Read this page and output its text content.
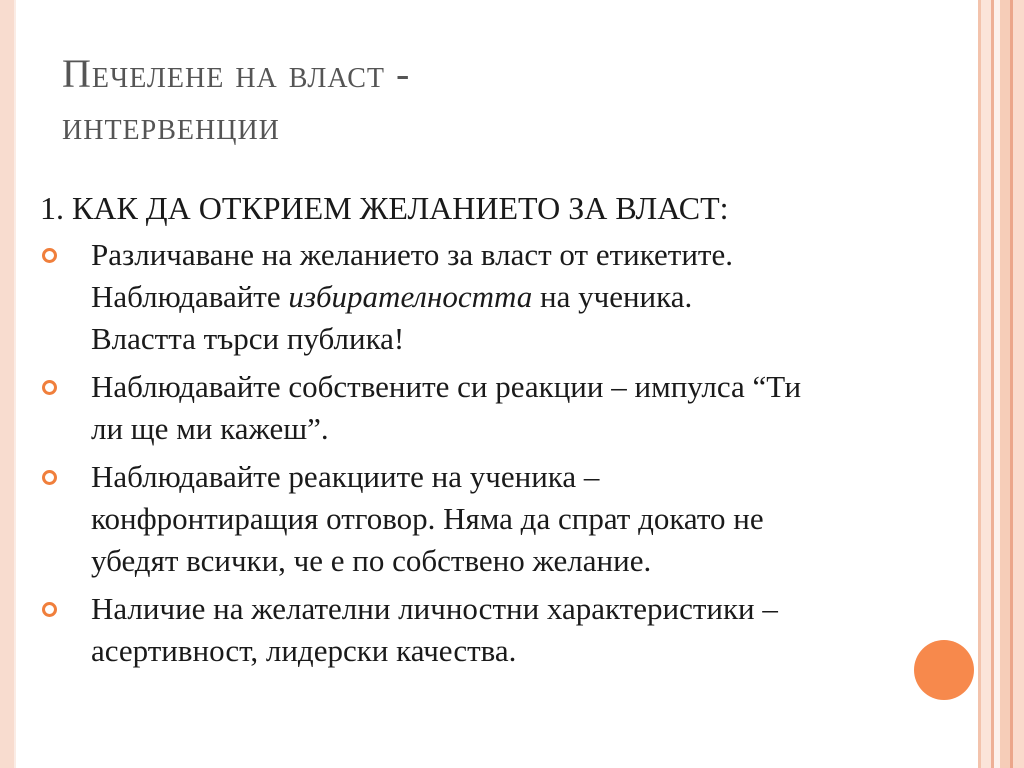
Печелене на власт -
интервенции
1. КАК ДА ОТКРИЕМ ЖЕЛАНИЕТО ЗА ВЛАСТ:
Различаване на желанието за власт от етикетите.
Наблюдавайте избирателността на ученика.
Властта търси публика!
Наблюдавайте собствените си реакции – импулса “Ти
ли ще ми кажеш”.
Наблюдавайте реакциите на ученика –
конфронтиращия отговор. Няма да спрат докато не
убедят всички, че е по собствено желание.
Наличие на желателни личностни характеристики –
асертивност, лидерски качества.
